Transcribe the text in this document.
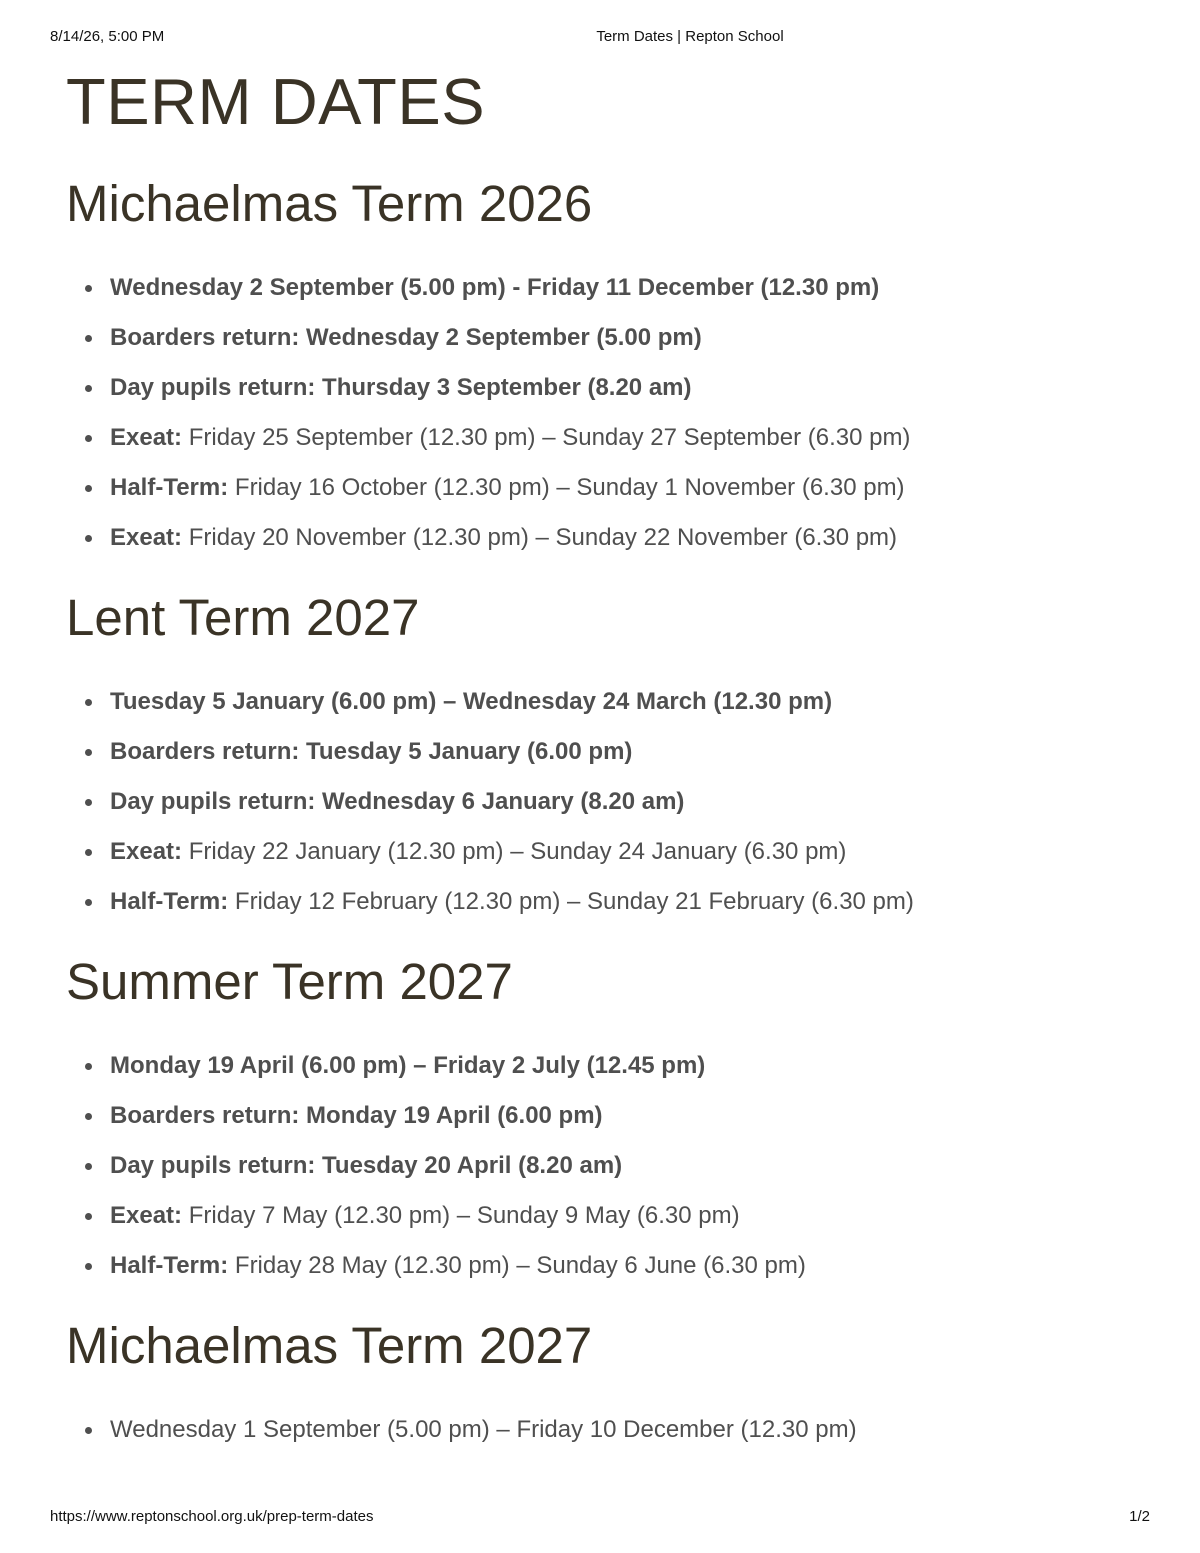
8/14/26, 5:00 PM	Term Dates | Repton School
TERM DATES
Michaelmas Term 2026
Wednesday 2 September (5.00 pm) - Friday 11 December (12.30 pm)
Boarders return: Wednesday 2 September (5.00 pm)
Day pupils return: Thursday 3 September (8.20 am)
Exeat: Friday 25 September (12.30 pm) – Sunday 27 September (6.30 pm)
Half-Term: Friday 16 October (12.30 pm) – Sunday 1 November (6.30 pm)
Exeat: Friday 20 November (12.30 pm) – Sunday 22 November (6.30 pm)
Lent Term 2027
Tuesday 5 January (6.00 pm) – Wednesday 24 March (12.30 pm)
Boarders return: Tuesday 5 January (6.00 pm)
Day pupils return: Wednesday 6 January (8.20 am)
Exeat: Friday 22 January (12.30 pm) – Sunday 24 January (6.30 pm)
Half-Term: Friday 12 February (12.30 pm) – Sunday 21 February (6.30 pm)
Summer Term 2027
Monday 19 April (6.00 pm) – Friday 2 July (12.45 pm)
Boarders return: Monday 19 April (6.00 pm)
Day pupils return: Tuesday 20 April (8.20 am)
Exeat: Friday 7 May (12.30 pm) – Sunday 9 May (6.30 pm)
Half-Term: Friday 28 May (12.30 pm) – Sunday 6 June (6.30 pm)
Michaelmas Term 2027
Wednesday 1 September (5.00 pm) – Friday 10 December (12.30 pm)
https://www.reptonschool.org.uk/prep-term-dates	1/2
